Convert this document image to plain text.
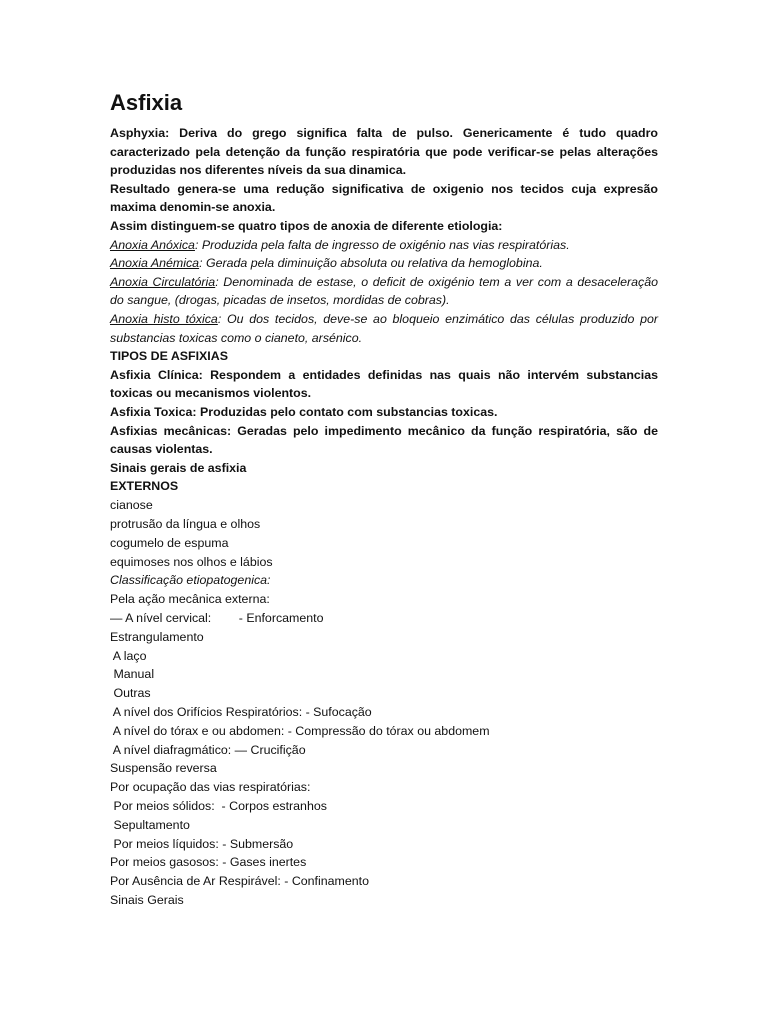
Asfixia

Asphyxia: Deriva do grego significa falta de pulso. Genericamente é tudo quadro caracterizado pela detenção da função respiratória que pode verificar-se pelas alterações produzidas nos diferentes níveis da sua dinamica.

Resultado genera-se uma redução significativa de oxigenio nos tecidos cuja expresão maxima denomin-se anoxia.

Assim distinguem-se quatro tipos de anoxia de diferente etiologia:

Anoxia Anóxica: Produzida pela falta de ingresso de oxigénio nas vias respiratórias.

Anoxia Anémica: Gerada pela diminuição absoluta ou relativa da hemoglobina.

Anoxia Circulatória: Denominada de estase, o deficit de oxigénio tem a ver com a desaceleração do sangue, (drogas, picadas de insetos, mordidas de cobras).

Anoxia histo tóxica: Ou dos tecidos, deve-se ao bloqueio enzimático das células produzido por substancias toxicas como o cianeto, arsénico.

TIPOS DE ASFIXIAS

Asfixia Clínica: Respondem a entidades definidas nas quais não intervém substancias toxicas ou mecanismos violentos.

Asfixia Toxica: Produzidas pelo contato com substancias toxicas.

Asfixias mecânicas: Geradas pelo impedimento mecânico da função respiratória, são de causas violentas.

Sinais gerais de asfixia

EXTERNOS

cianose

protrusão da língua e olhos

cogumelo de espuma

equimoses nos olhos e lábios

Classificação etiopatogenica:

Pela ação mecânica externa:

— A nível cervical:        - Enforcamento

Estrangulamento

A laço

Manual

Outras

A nível dos Orifícios Respiratórios: - Sufocação

A nível do tórax e ou abdomen: - Compressão do tórax ou abdomem

A nível diafragmático: — Crucifição

Suspensão reversa

Por ocupação das vias respiratórias:

Por meios sólidos:  - Corpos estranhos

Sepultamento

Por meios líquidos: - Submersão

Por meios gasosos: - Gases inertes

Por Ausência de Ar Respirável: - Confinamento

Sinais Gerais
